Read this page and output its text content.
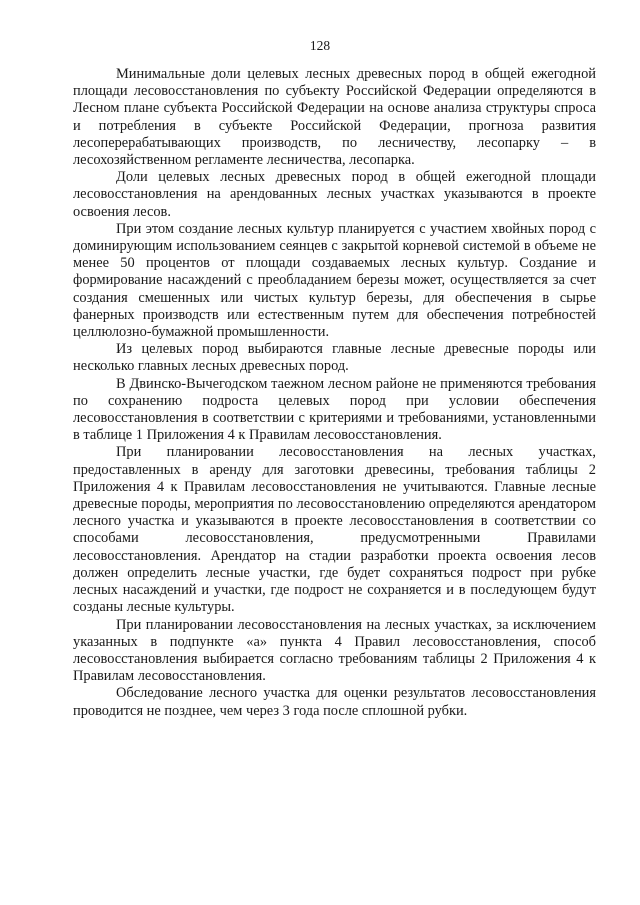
128

Минимальные доли целевых лесных древесных пород в общей ежегодной площади лесовосстановления по субъекту Российской Федерации определяются в Лесном плане субъекта Российской Федерации на основе анализа структуры спроса и потребления в субъекте Российской Федерации, прогноза развития лесоперерабатывающих производств, по лесничеству, лесопарку – в лесохозяйственном регламенте лесничества, лесопарка.

Доли целевых лесных древесных пород в общей ежегодной площади лесовосстановления на арендованных лесных участках указываются в проекте освоения лесов.

При этом создание лесных культур планируется с участием хвойных пород с доминирующим использованием сеянцев с закрытой корневой системой в объеме не менее 50 процентов от площади создаваемых лесных культур. Создание и формирование насаждений с преобладанием березы может, осуществляется за счет создания смешенных или чистых культур березы, для обеспечения в сырье фанерных производств или естественным путем для обеспечения потребностей целлюлозно-бумажной промышленности.

Из целевых пород выбираются главные лесные древесные породы или несколько главных лесных древесных пород.

В Двинско-Вычегодском таежном лесном районе не применяются требования по сохранению подроста целевых пород при условии обеспечения лесовосстановления в соответствии с критериями и требованиями, установленными в таблице 1 Приложения 4 к Правилам лесовосстановления.

При планировании лесовосстановления на лесных участках, предоставленных в аренду для заготовки древесины, требования таблицы 2 Приложения 4 к Правилам лесовосстановления не учитываются. Главные лесные древесные породы, мероприятия по лесовосстановлению определяются арендатором лесного участка и указываются в проекте лесовосстановления в соответствии со способами лесовосстановления, предусмотренными Правилами лесовосстановления. Арендатор на стадии разработки проекта освоения лесов должен определить лесные участки, где будет сохраняться подрост при рубке лесных насаждений и участки, где подрост не сохраняется и в последующем будут созданы лесные культуры.

При планировании лесовосстановления на лесных участках, за исключением указанных в подпункте «а» пункта 4 Правил лесовосстановления, способ лесовосстановления выбирается согласно требованиям таблицы 2 Приложения 4 к Правилам лесовосстановления.

Обследование лесного участка для оценки результатов лесовосстановления проводится не позднее, чем через 3 года после сплошной рубки.
